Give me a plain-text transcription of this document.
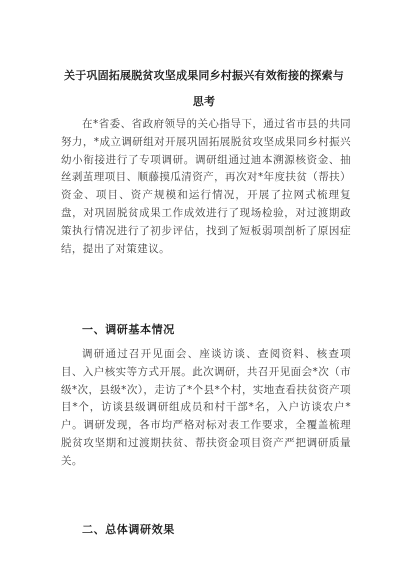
关于巩固拓展脱贫攻坚成果同乡村振兴有效衔接的探索与
思考

在*省委、省政府领导的关心指导下，通过省市县的共同努力，*成立调研组对开展巩固拓展脱贫攻坚成果同乡村振兴幼小衔接进行了专项调研。调研组通过迪本溯源核资金、抽丝剥茧理项目、顺藤摸瓜清资产，再次对*年度扶贫（帮扶）资金、项目、资产规模和运行情况，开展了拉网式梳理复盘，对巩固脱贫成果工作成效进行了现场检验，对过渡期政策执行情况进行了初步评估，找到了短板弱项剖析了原因症结，提出了对策建议。

一、调研基本情况

调研通过召开见面会、座谈访谈、查阅资料、核查项目、入户核实等方式开展。此次调研，共召开见面会*次（市级*次，县级*次），走访了*个县*个村，实地查看扶贫资产项目*个，访谈县级调研组成员和村干部*名，入户访谈农户*户。调研发现，各市均严格对标对表工作要求，全覆盖梳理脱贫攻坚期和过渡期扶贫、帮扶资金项目资产严把调研质量关。

二、总体调研效果
